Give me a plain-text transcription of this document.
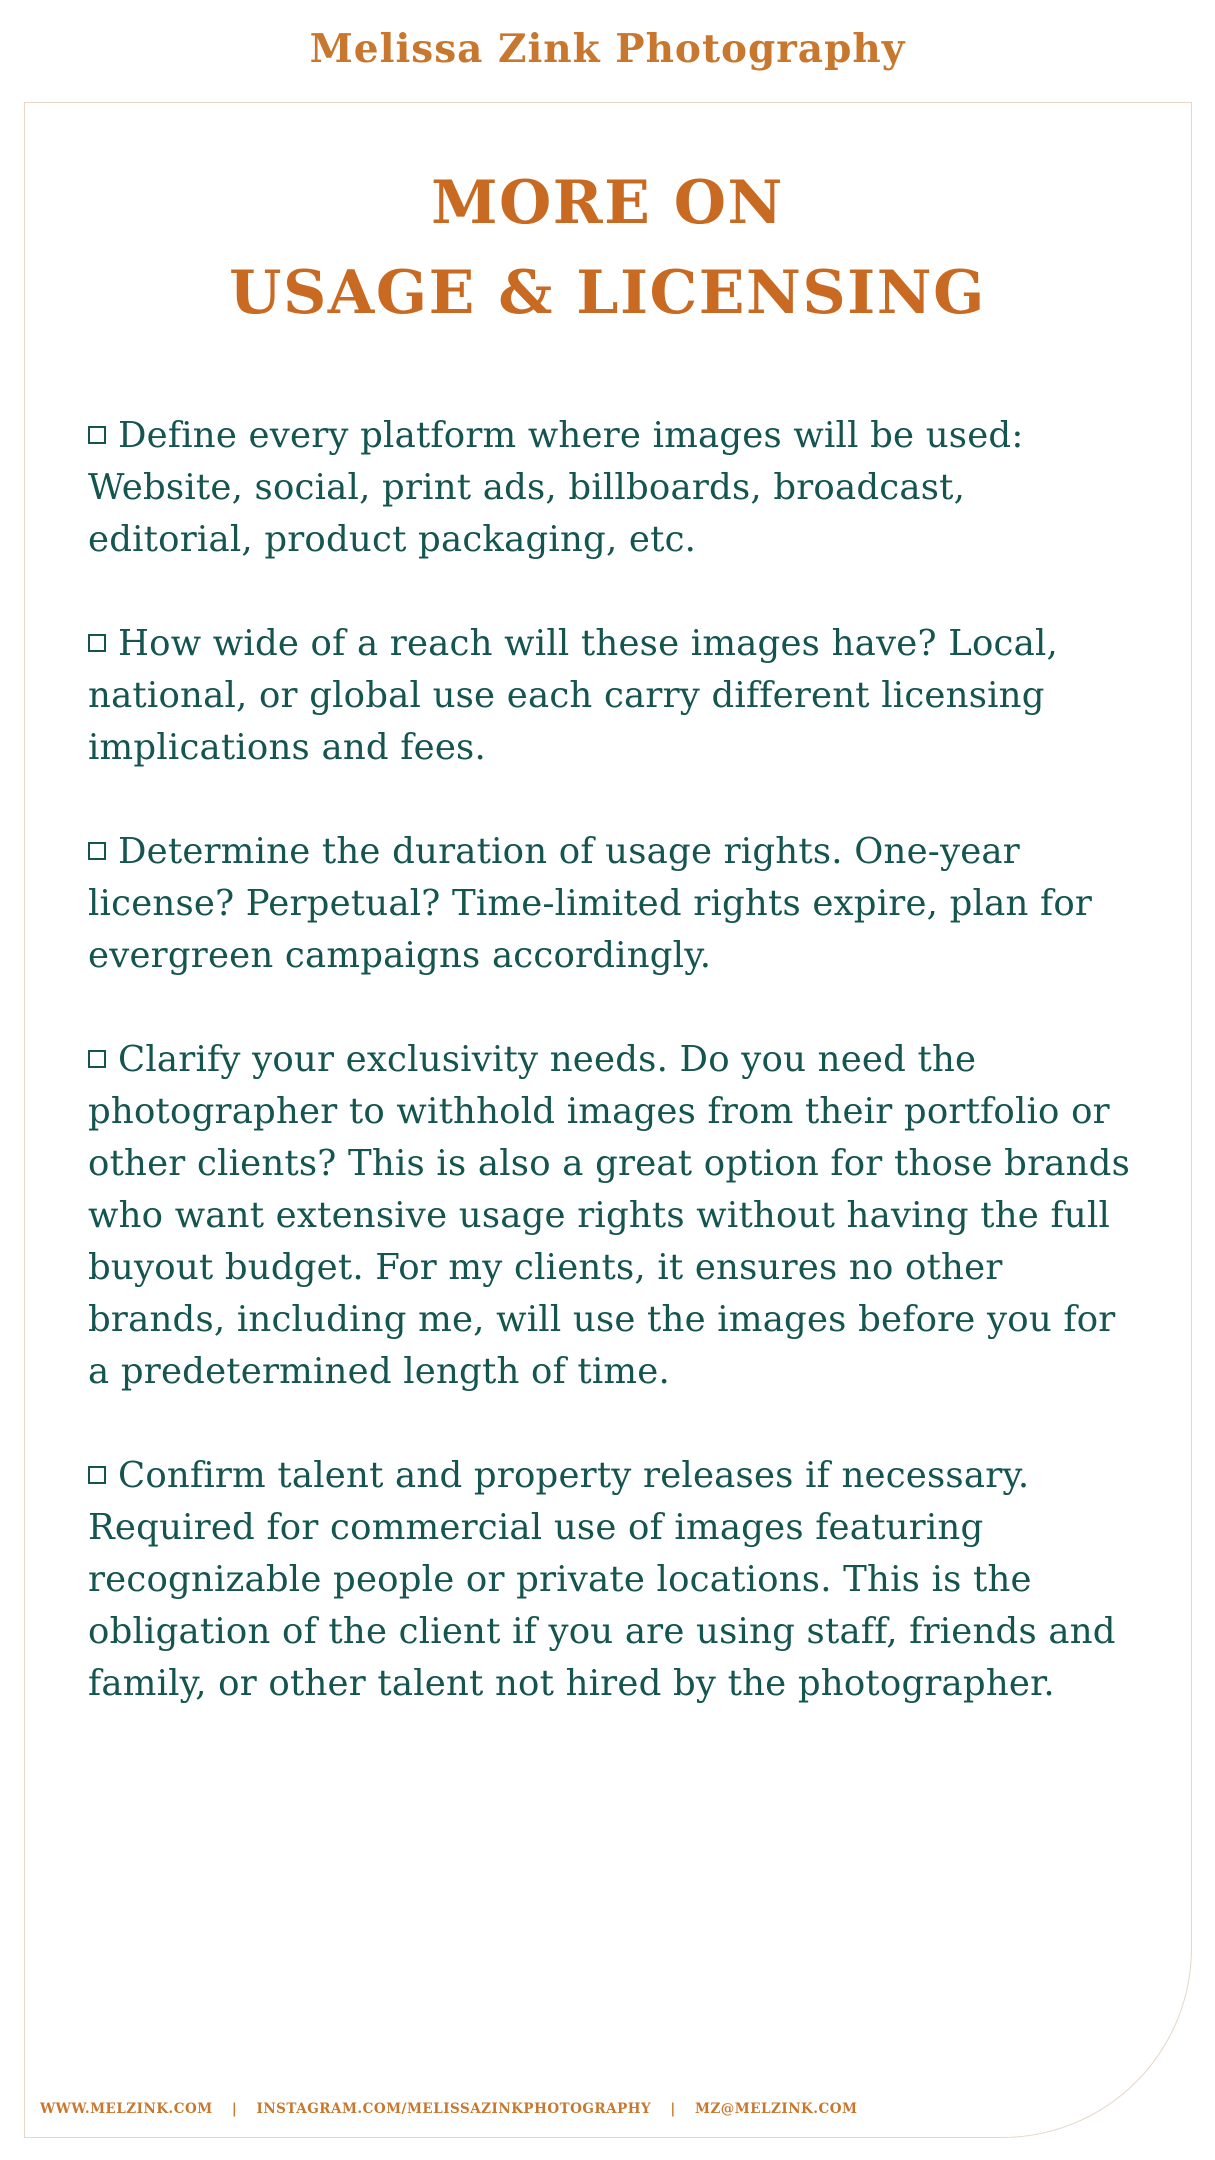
Melissa Zink Photography
MORE ON
USAGE & LICENSING
Define every platform where images will be used: Website, social, print ads, billboards, broadcast, editorial, product packaging, etc.
How wide of a reach will these images have? Local, national, or global use each carry different licensing implications and fees.
Determine the duration of usage rights. One-year license? Perpetual? Time-limited rights expire, plan for evergreen campaigns accordingly.
Clarify your exclusivity needs. Do you need the photographer to withhold images from their portfolio or other clients? This is also a great option for those brands who want extensive usage rights without having the full buyout budget. For my clients, it ensures no other brands, including me, will use the images before you for a predetermined length of time.
Confirm talent and property releases if necessary. Required for commercial use of images featuring recognizable people or private locations. This is the obligation of the client if you are using staff, friends and family, or other talent not hired by the photographer.
WWW.MELZINK.COM | INSTAGRAM.COM/MELISSAZINKPHOTOGRAPHY | MZ@MELZINK.COM
